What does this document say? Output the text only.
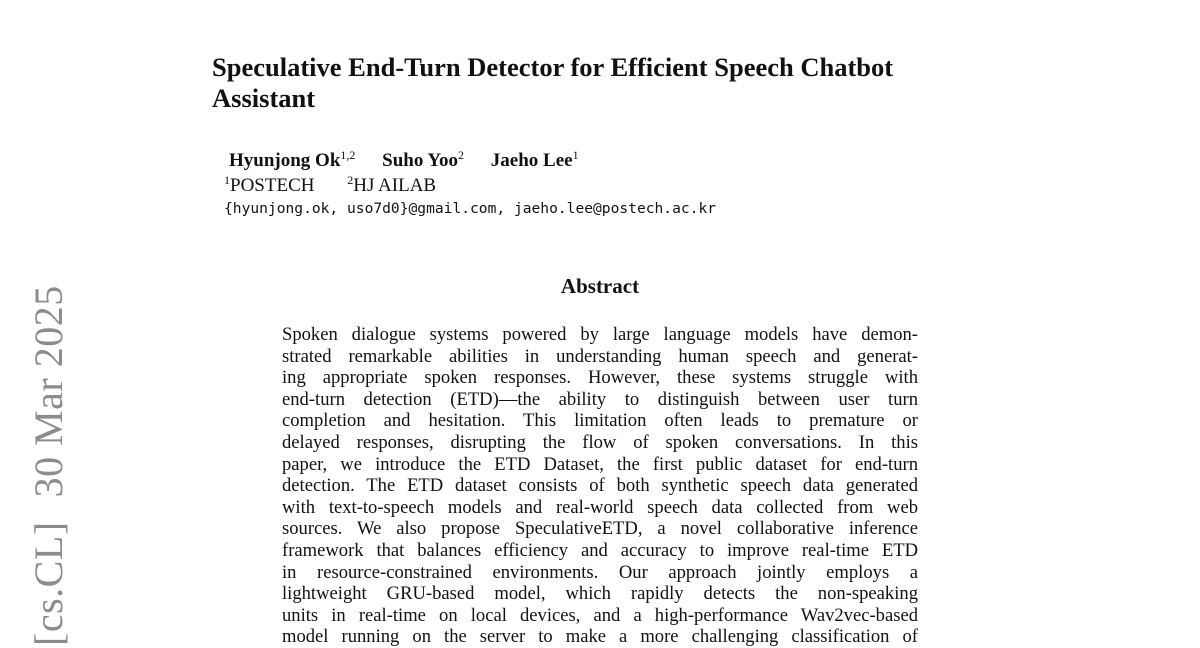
[cs.CL]30 Mar 2025
Speculative End-Turn Detector for Efficient Speech Chatbot
Assistant
Hyunjong Ok$^{1,2}$ Suho Yoo$^2$ Jaeho Lee$^1$
$^1$POSTECH	$^2$HJ AILAB
{hyunjong.ok, uso7d0}@gmail.com, jaeho.lee@postech.ac.kr
Abstract
Spoken dialogue systems powered by large language models have demon-
strated remarkable abilities in understanding human speech and generat-
ing appropriate spoken responses. However, these systems struggle with
end-turn detection (ETD)—the ability to distinguish between user turn
completion and hesitation. This limitation often leads to premature or
delayed responses, disrupting the flow of spoken conversations. In this
paper, we introduce the ETD Dataset, the first public dataset for end-turn
detection. The ETD dataset consists of both synthetic speech data generated
with text-to-speech models and real-world speech data collected from web
sources. We also propose SpeculativeETD, a novel collaborative inference
framework that balances efficiency and accuracy to improve real-time ETD
in resource-constrained environments. Our approach jointly employs a
lightweight GRU-based model, which rapidly detects the non-speaking
units in real-time on local devices, and a high-performance Wav2vec-based
model running on the server to make a more challenging classification of
